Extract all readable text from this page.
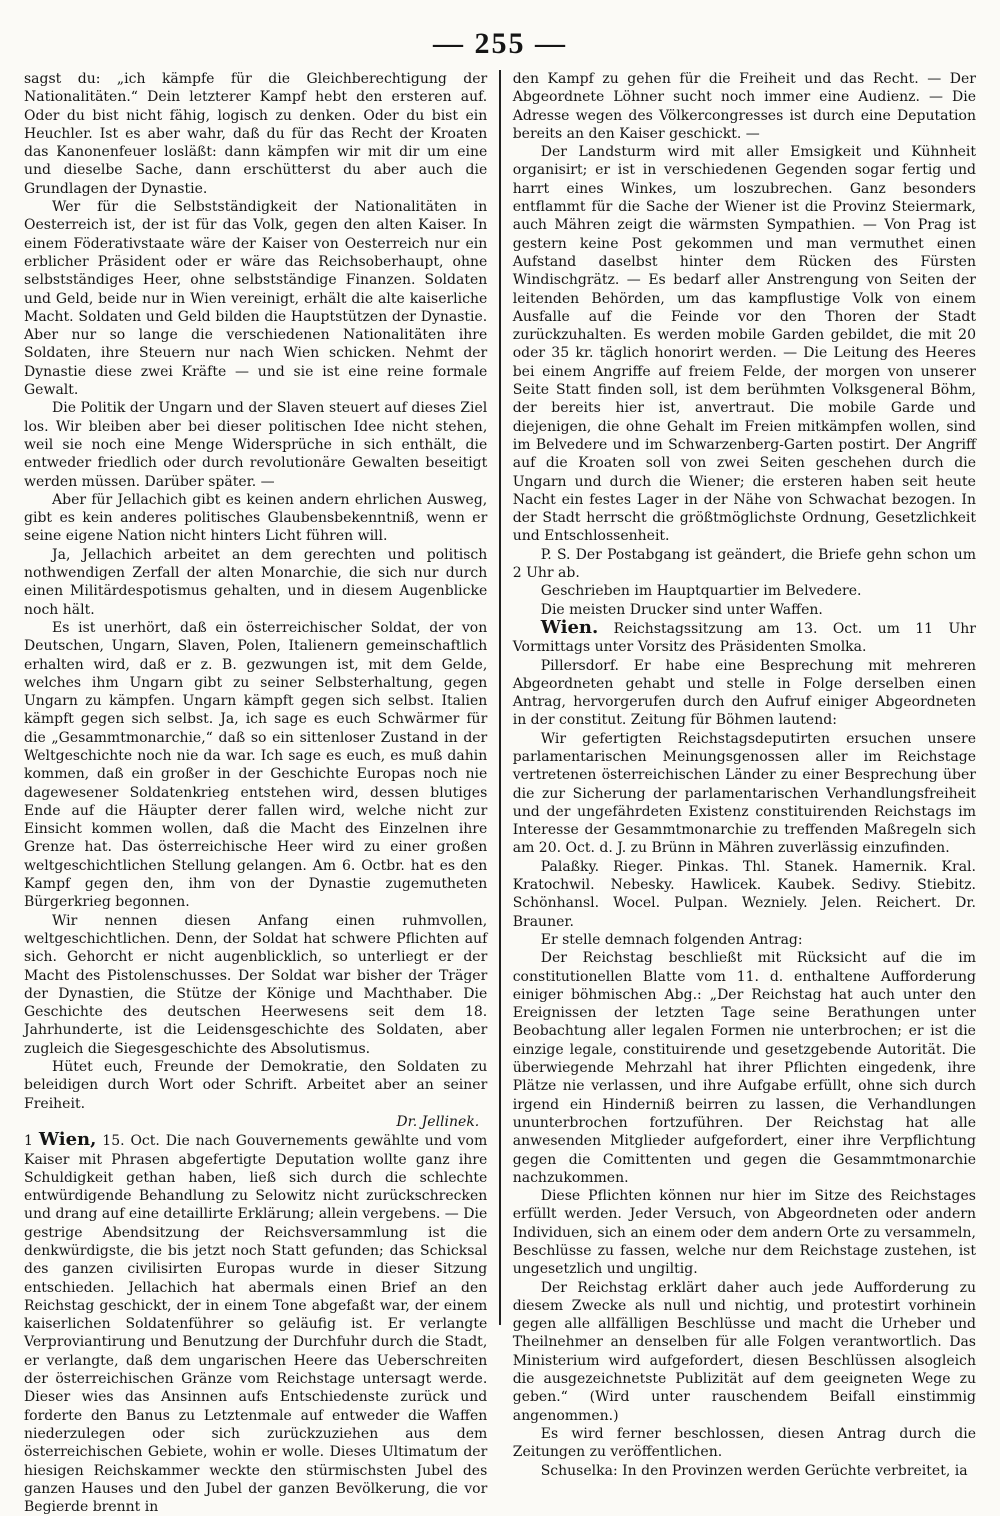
— 255 —

sagst du: „ich kämpfe für die Gleichberechtigung der Nationalitäten.“ Dein letzterer Kampf hebt den ersteren auf. Oder du bist nicht fähig, logisch zu denken. Oder du bist ein Heuchler. Ist es aber wahr, daß du für das Recht der Kroaten das Kanonenfeuer losläßt: dann kämpfen wir mit dir um eine und dieselbe Sache, dann erschütterst du aber auch die Grundlagen der Dynastie.

Wer für die Selbstständigkeit der Nationalitäten in Oesterreich ist, der ist für das Volk, gegen den alten Kaiser. In einem Föderativstaate wäre der Kaiser von Oesterreich nur ein erblicher Präsident oder er wäre das Reichsoberhaupt, ohne selbstständiges Heer, ohne selbstständige Finanzen. Soldaten und Geld, beide nur in Wien vereinigt, erhält die alte kaiserliche Macht. Soldaten und Geld bilden die Hauptstützen der Dynastie. Aber nur so lange die verschiedenen Nationalitäten ihre Soldaten, ihre Steuern nur nach Wien schicken. Nehmt der Dynastie diese zwei Kräfte — und sie ist eine reine formale Gewalt.

Die Politik der Ungarn und der Slaven steuert auf dieses Ziel los. Wir bleiben aber bei dieser politischen Idee nicht stehen, weil sie noch eine Menge Widersprüche in sich enthält, die entweder friedlich oder durch revolutionäre Gewalten beseitigt werden müssen. Darüber später. —

Aber für Jellachich gibt es keinen andern ehrlichen Ausweg, gibt es kein anderes politisches Glaubensbekenntniß, wenn er seine eigene Nation nicht hinters Licht führen will.

Ja, Jellachich arbeitet an dem gerechten und politisch nothwendigen Zerfall der alten Monarchie, die sich nur durch einen Militärdespotismus gehalten, und in diesem Augenblicke noch hält.

Es ist unerhört, daß ein österreichischer Soldat, der von Deutschen, Ungarn, Slaven, Polen, Italienern gemeinschaftlich erhalten wird, daß er z. B. gezwungen ist, mit dem Gelde, welches ihm Ungarn gibt zu seiner Selbsterhaltung, gegen Ungarn zu kämpfen. Ungarn kämpft gegen sich selbst. Italien kämpft gegen sich selbst. Ja, ich sage es euch Schwärmer für die „Gesammtmonarchie,“ daß so ein sittenloser Zustand in der Weltgeschichte noch nie da war. Ich sage es euch, es muß dahin kommen, daß ein großer in der Geschichte Europas noch nie dagewesener Soldatenkrieg entstehen wird, dessen blutiges Ende auf die Häupter derer fallen wird, welche nicht zur Einsicht kommen wollen, daß die Macht des Einzelnen ihre Grenze hat. Das österreichische Heer wird zu einer großen weltgeschichtlichen Stellung gelangen. Am 6. Octbr. hat es den Kampf gegen den, ihm von der Dynastie zugemutheten Bürgerkrieg begonnen.

Wir nennen diesen Anfang einen ruhmvollen, weltgeschichtlichen. Denn, der Soldat hat schwere Pflichten auf sich. Gehorcht er nicht augenblicklich, so unterliegt er der Macht des Pistolenschusses. Der Soldat war bisher der Träger der Dynastien, die Stütze der Könige und Machthaber. Die Geschichte des deutschen Heerwesens seit dem 18. Jahrhunderte, ist die Leidensgeschichte des Soldaten, aber zugleich die Siegesgeschichte des Absolutismus.

Hütet euch, Freunde der Demokratie, den Soldaten zu beleidigen durch Wort oder Schrift. Arbeitet aber an seiner Freiheit.

Dr. Jellinek.

1 Wien, 15. Oct. Die nach Gouvernements gewählte und vom Kaiser mit Phrasen abgefertigte Deputation wollte ganz ihre Schuldigkeit gethan haben, ließ sich durch die schlechte entwürdigende Behandlung zu Selowitz nicht zurückschrecken und drang auf eine detaillirte Erklärung; allein vergebens. — Die gestrige Abendsitzung der Reichsversammlung ist die denkwürdigste, die bis jetzt noch Statt gefunden; das Schicksal des ganzen civilisirten Europas wurde in dieser Sitzung entschieden. Jellachich hat abermals einen Brief an den Reichstag geschickt, der in einem Tone abgefaßt war, der einem kaiserlichen Soldatenführer so geläufig ist. Er verlangte Verproviantirung und Benutzung der Durchfuhr durch die Stadt, er verlangte, daß dem ungarischen Heere das Ueberschreiten der österreichischen Gränze vom Reichstage untersagt werde. Dieser wies das Ansinnen aufs Entschiedenste zurück und forderte den Banus zu Letztenmale auf entweder die Waffen niederzulegen oder sich zurückzuziehen aus dem österreichischen Gebiete, wohin er wolle. Dieses Ultimatum der hiesigen Reichskammer weckte den stürmischsten Jubel des ganzen Hauses und den Jubel der ganzen Bevölkerung, die vor Begierde brennt in

den Kampf zu gehen für die Freiheit und das Recht. — Der Abgeordnete Löhner sucht noch immer eine Audienz. — Die Adresse wegen des Völkercongresses ist durch eine Deputation bereits an den Kaiser geschickt. —

Der Landsturm wird mit aller Emsigkeit und Kühnheit organisirt; er ist in verschiedenen Gegenden sogar fertig und harrt eines Winkes, um loszubrechen. Ganz besonders entflammt für die Sache der Wiener ist die Provinz Steiermark, auch Mähren zeigt die wärmsten Sympathien. — Von Prag ist gestern keine Post gekommen und man vermuthet einen Aufstand daselbst hinter dem Rücken des Fürsten Windischgrätz. — Es bedarf aller Anstrengung von Seiten der leitenden Behörden, um das kampflustige Volk von einem Ausfalle auf die Feinde vor den Thoren der Stadt zurückzuhalten. Es werden mobile Garden gebildet, die mit 20 oder 35 kr. täglich honorirt werden. — Die Leitung des Heeres bei einem Angriffe auf freiem Felde, der morgen von unserer Seite Statt finden soll, ist dem berühmten Volksgeneral Böhm, der bereits hier ist, anvertraut. Die mobile Garde und diejenigen, die ohne Gehalt im Freien mitkämpfen wollen, sind im Belvedere und im Schwarzenberg-Garten postirt. Der Angriff auf die Kroaten soll von zwei Seiten geschehen durch die Ungarn und durch die Wiener; die ersteren haben seit heute Nacht ein festes Lager in der Nähe von Schwachat bezogen. In der Stadt herrscht die größtmöglichste Ordnung, Gesetzlichkeit und Entschlossenheit.

P. S. Der Postabgang ist geändert, die Briefe gehn schon um 2 Uhr ab.

Geschrieben im Hauptquartier im Belvedere.

Die meisten Drucker sind unter Waffen.

Wien. Reichstagssitzung am 13. Oct. um 11 Uhr Vormittags unter Vorsitz des Präsidenten Smolka.

Pillersdorf. Er habe eine Besprechung mit mehreren Abgeordneten gehabt und stelle in Folge derselben einen Antrag, hervorgerufen durch den Aufruf einiger Abgeordneten in der constitut. Zeitung für Böhmen lautend:

Wir gefertigten Reichstagsdeputirten ersuchen unsere parlamentarischen Meinungsgenossen aller im Reichstage vertretenen österreichischen Länder zu einer Besprechung über die zur Sicherung der parlamentarischen Verhandlungsfreiheit und der ungefährdeten Existenz constituirenden Reichstags im Interesse der Gesammtmonarchie zu treffenden Maßregeln sich am 20. Oct. d. J. zu Brünn in Mähren zuverlässig einzufinden.

Palaßky. Rieger. Pinkas. Thl. Stanek. Hamernik. Kral. Kratochwil. Nebesky. Hawlicek. Kaubek. Sedivy. Stiebitz. Schönhansl. Wocel. Pulpan. Wezniely. Jelen. Reichert. Dr. Brauner.

Er stelle demnach folgenden Antrag:

Der Reichstag beschließt mit Rücksicht auf die im constitutionellen Blatte vom 11. d. enthaltene Aufforderung einiger böhmischen Abg.: „Der Reichstag hat auch unter den Ereignissen der letzten Tage seine Berathungen unter Beobachtung aller legalen Formen nie unterbrochen; er ist die einzige legale, constituirende und gesetzgebende Autorität. Die überwiegende Mehrzahl hat ihrer Pflichten eingedenk, ihre Plätze nie verlassen, und ihre Aufgabe erfüllt, ohne sich durch irgend ein Hinderniß beirren zu lassen, die Verhandlungen ununterbrochen fortzuführen. Der Reichstag hat alle anwesenden Mitglieder aufgefordert, einer ihre Verpflichtung gegen die Comittenten und gegen die Gesammtmonarchie nachzukommen.

Diese Pflichten können nur hier im Sitze des Reichstages erfüllt werden. Jeder Versuch, von Abgeordneten oder andern Individuen, sich an einem oder dem andern Orte zu versammeln, Beschlüsse zu fassen, welche nur dem Reichstage zustehen, ist ungesetzlich und ungiltig.

Der Reichstag erklärt daher auch jede Aufforderung zu diesem Zwecke als null und nichtig, und protestirt vorhinein gegen alle allfälligen Beschlüsse und macht die Urheber und Theilnehmer an denselben für alle Folgen verantwortlich. Das Ministerium wird aufgefordert, diesen Beschlüssen alsogleich die ausgezeichnetste Publizität auf dem geeigneten Wege zu geben.“ (Wird unter rauschendem Beifall einstimmig angenommen.)

Es wird ferner beschlossen, diesen Antrag durch die Zeitungen zu veröffentlichen.

Schuselka: In den Provinzen werden Gerüchte verbreitet, ia
